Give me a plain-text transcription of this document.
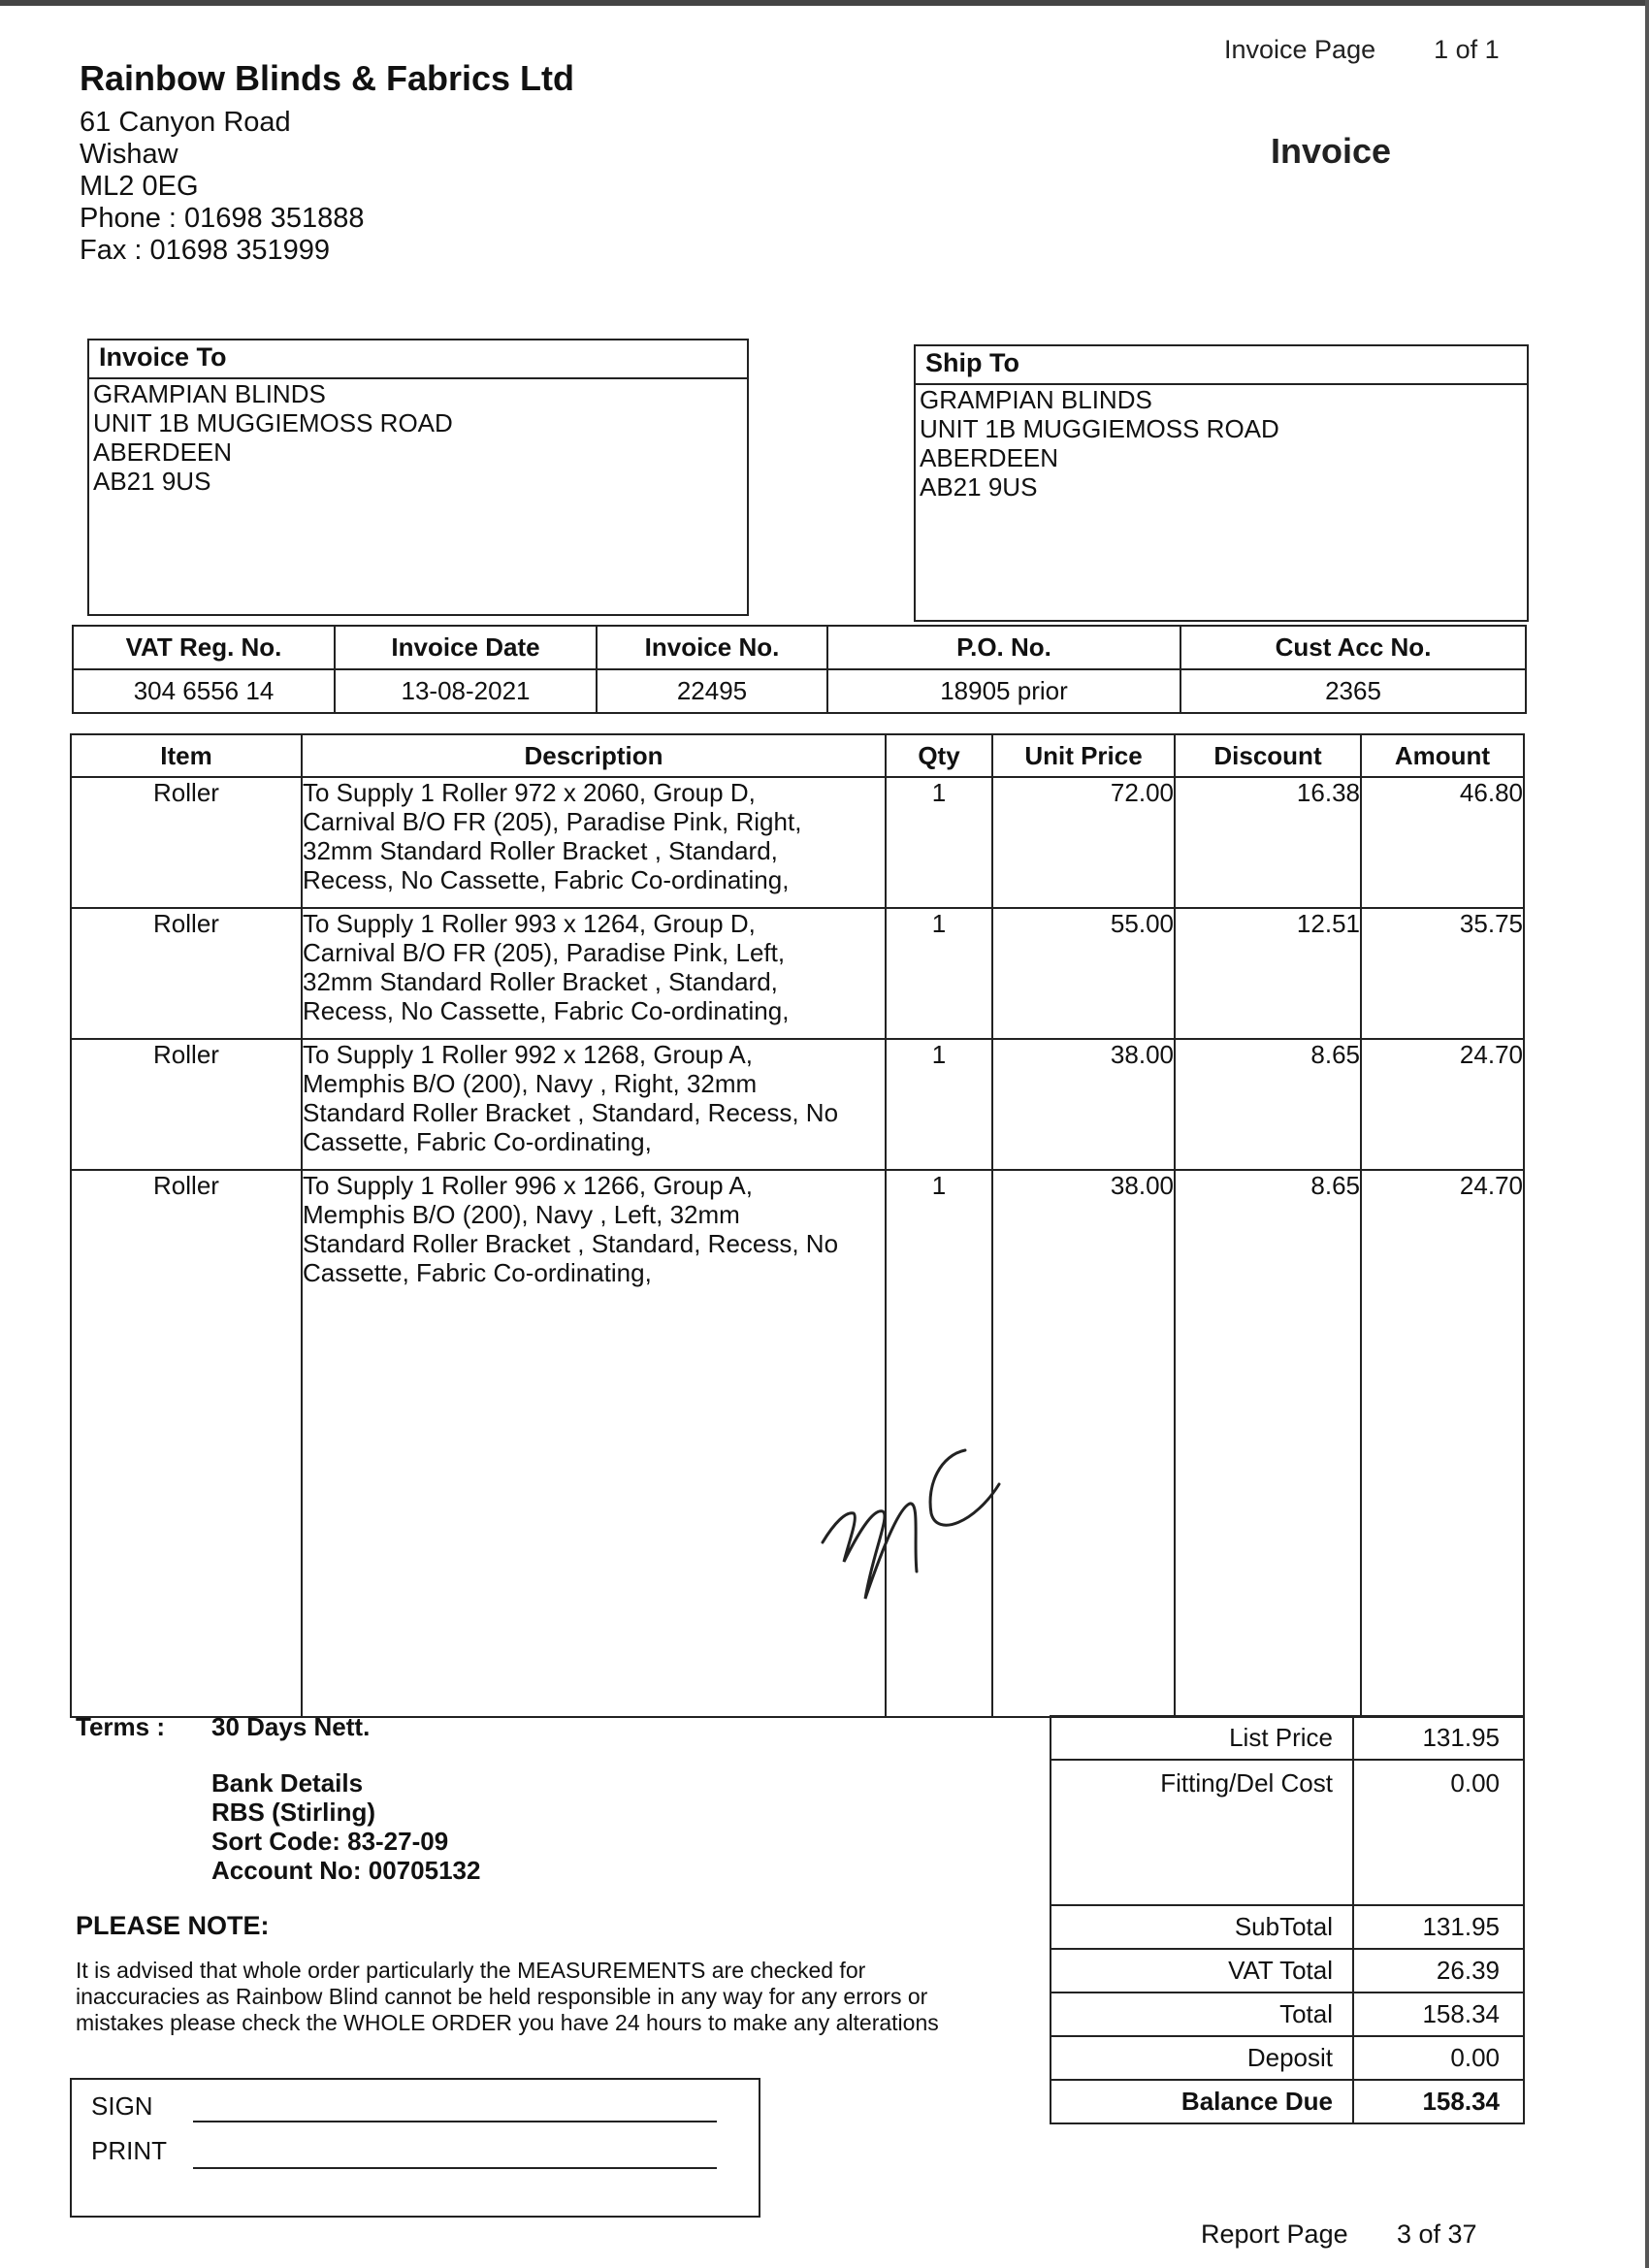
Invoice Page 1 of 1
Rainbow Blinds & Fabrics Ltd
61 Canyon Road
Wishaw
ML2 0EG
Phone : 01698 351888
Fax : 01698 351999
Invoice
Invoice To
GRAMPIAN BLINDS
UNIT 1B MUGGIEMOSS ROAD
ABERDEEN
AB21 9US
Ship To
GRAMPIAN BLINDS
UNIT 1B MUGGIEMOSS ROAD
ABERDEEN
AB21 9US
VAT Reg. No.	Invoice Date	Invoice No.	P.O. No.	Cust Acc No.
304 6556 14	13-08-2021	22495	18905 prior	2365
Item	Description	Qty	Unit Price	Discount	Amount
Roller	To Supply 1 Roller 972 x 2060, Group D,
Carnival B/O FR (205), Paradise Pink, Right,
32mm Standard Roller Bracket , Standard,
Recess, No Cassette, Fabric Co-ordinating,	1	72.00	16.38	46.80
Roller	To Supply 1 Roller 993 x 1264, Group D,
Carnival B/O FR (205), Paradise Pink, Left,
32mm Standard Roller Bracket , Standard,
Recess, No Cassette, Fabric Co-ordinating,	1	55.00	12.51	35.75
Roller	To Supply 1 Roller 992 x 1268, Group A,
Memphis B/O (200), Navy , Right, 32mm
Standard Roller Bracket , Standard, Recess, No
Cassette, Fabric Co-ordinating,	1	38.00	8.65	24.70
Roller	To Supply 1 Roller 996 x 1266, Group A,
Memphis B/O (200), Navy , Left, 32mm
Standard Roller Bracket , Standard, Recess, No
Cassette, Fabric Co-ordinating,	1	38.00	8.65	24.70
Terms : 30 Days Nett.
Bank Details
RBS (Stirling)
Sort Code: 83-27-09
Account No: 00705132
PLEASE NOTE:
It is advised that whole order particularly the MEASUREMENTS are checked for
inaccuracies as Rainbow Blind cannot be held responsible in any way for any errors or
mistakes please check the WHOLE ORDER you have 24 hours to make any alterations
List Price	131.95
Fitting/Del Cost	0.00
SubTotal	131.95
VAT Total	26.39
Total	158.34
Deposit	0.00
Balance Due	158.34
SIGN
PRINT
Report Page 3 of 37
